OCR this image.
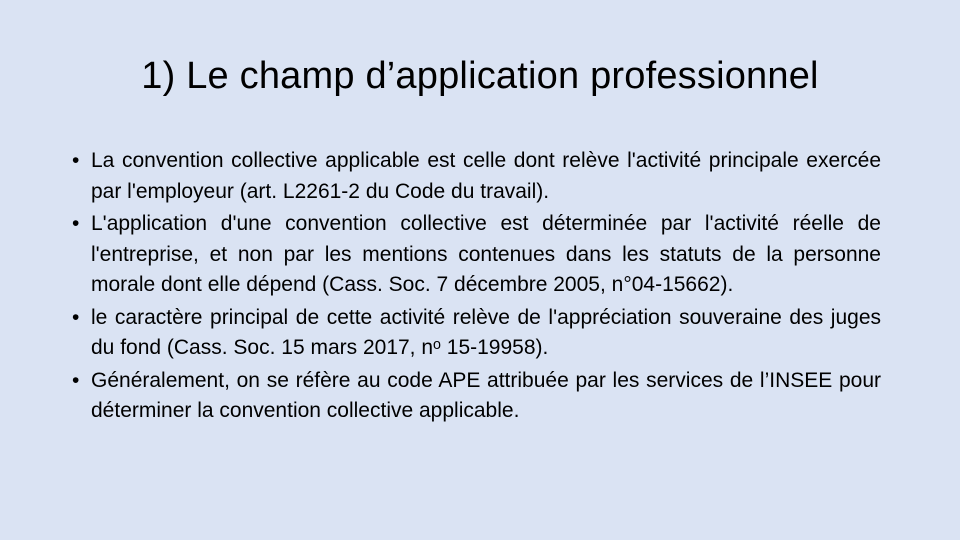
1) Le champ d’application professionnel
• La convention collective applicable est celle dont relève l'activité principale exercée par l'employeur (art. L2261-2 du Code du travail).
• L'application d'une convention collective est déterminée par l'activité réelle de l'entreprise, et non par les mentions contenues dans les statuts de la personne morale dont elle dépend (Cass. Soc. 7 décembre 2005, n°04-15662).
• le caractère principal de cette activité relève de l'appréciation souveraine des juges du fond (Cass. Soc. 15 mars 2017, nᵒ 15-19958).
• Généralement, on se réfère au code APE attribuée par les services de l’INSEE pour déterminer la convention collective applicable.
